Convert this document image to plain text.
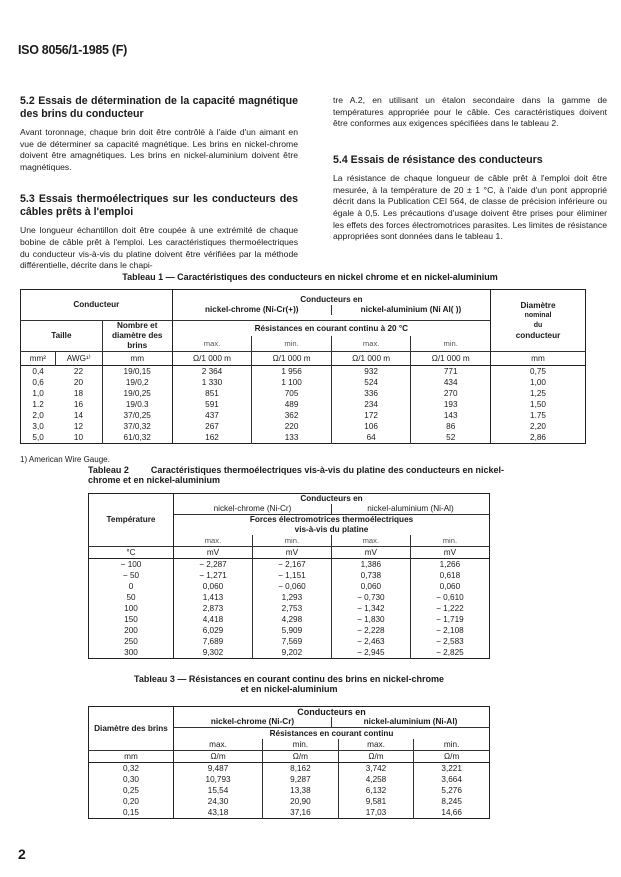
ISO 8056/1-1985 (F)
5.2 Essais de détermination de la capacité magnétique des brins du conducteur
Avant toronnage, chaque brin doit être contrôlé à l'aide d'un aimant en vue de déterminer sa capacité magnétique. Les brins en nickel-chrome doivent être amagnétiques. Les brins en nickel-aluminium doivent être magnétiques.
5.3 Essais thermoélectriques sur les conducteurs des câbles prêts à l'emploi
Une longueur échantillon doit être coupée à une extrémité de chaque bobine de câble prêt à l'emploi. Les caractéristiques thermoélectriques du conducteur vis-à-vis du platine doivent être vérifiées par la méthode différentielle, décrite dans le chapi-
tre A.2, en utilisant un étalon secondaire dans la gamme de températures appropriée pour le câble. Ces caractéristiques doivent être conformes aux exigences spécifiées dans le tableau 2.
5.4 Essais de résistance des conducteurs
La résistance de chaque longueur de câble prêt à l'emploi doit être mesurée, à la température de 20 ± 1 °C, à l'aide d'un pont approprié décrit dans la Publication CEI 564, de classe de précision inférieure ou égale à 0,5. Les précautions d'usage doivent être prises pour éliminer les effets des forces électromotrices parasites. Les limites de résistance appropriées sont données dans le tableau 1.
Tableau 1 — Caractéristiques des conducteurs en nickel chrome et en nickel-aluminium
Conducteur	
Conducteurs en
nickel-chrome (Ni-Cr(+))	nickel-aluminium (Ni Al( ))	Diamètre
nominal
du
conducteur

Taille		Nombre et diamètre des brins	Résistances en courant continu à 20 °C				
			max.	min.	max.	min.	
mm²	AWG¹⁾	mm	Ω/1 000 m	Ω/1 000 m	Ω/1 000 m	Ω/1 000 m	mm
0,4	22	19/0,15	2 364	1 956	932	771	0,75
0,6	20	19/0,2	1 330	1 100	524	434	1,00
1,0	18	19/0,25	851	705	336	270	1,25
1.2	16	19/0.3	591	489	234	193	1,50
2,0	14	37/0,25	437	362	172	143	1.75
3,0	12	37/0,32	267	220	106	86	2,20
5,0	10	61/0,32	162	133	64	52	2,86
1) American Wire Gauge.
Tableau 2 Caractéristiques thermoélectriques vis-à-vis du platine des conducteurs en nickel-chrome et en nickel-aluminium
Température	Conducteurs en
nickel-chrome (Ni-Cr) nickel-aluminium (Ni-Al)			

	Forces électromotrices thermoélectriques
vis-à-vis du platine			

	max.	min.	max.	min.
°C	mV	mV	mV	mV
− 100	− 2,287	− 2,167	1,386	1,266
− 50	− 1,271	− 1,151	0,738	0,618
0	0,060	− 0,060	0,060	0,060
50	1,413	1,293	− 0,730	− 0,610
100	2,873	2,753	− 1,342	− 1,222
150	4,418	4,298	− 1,830	− 1,719
200	6,029	5,909	− 2,228	− 2,108
250	7,689	7,569	− 2,463	− 2,583
300	9,302	9,202	− 2,945	− 2,825
Tableau 3 — Résistances en courant continu des brins en nickel-chrome
et en nickel-aluminium
Diamètre des brins	Conducteurs en
nickel-chrome (Ni-Cr) nickel-aluminium (Ni-Al)			

	Résistances en courant continu			
	max.	min.	max.	min.
mm	Ω/m	Ω/m	Ω/m	Ω/m
0,32	9,487	8,162	3,742	3,221
0,30	10,793	9,287	4,258	3,664
0,25	15,54	13,38	6,132	5,276
0,20	24,30	20,90	9,581	8,245
0,15	43,18	37,16	17,03	14,66
2
